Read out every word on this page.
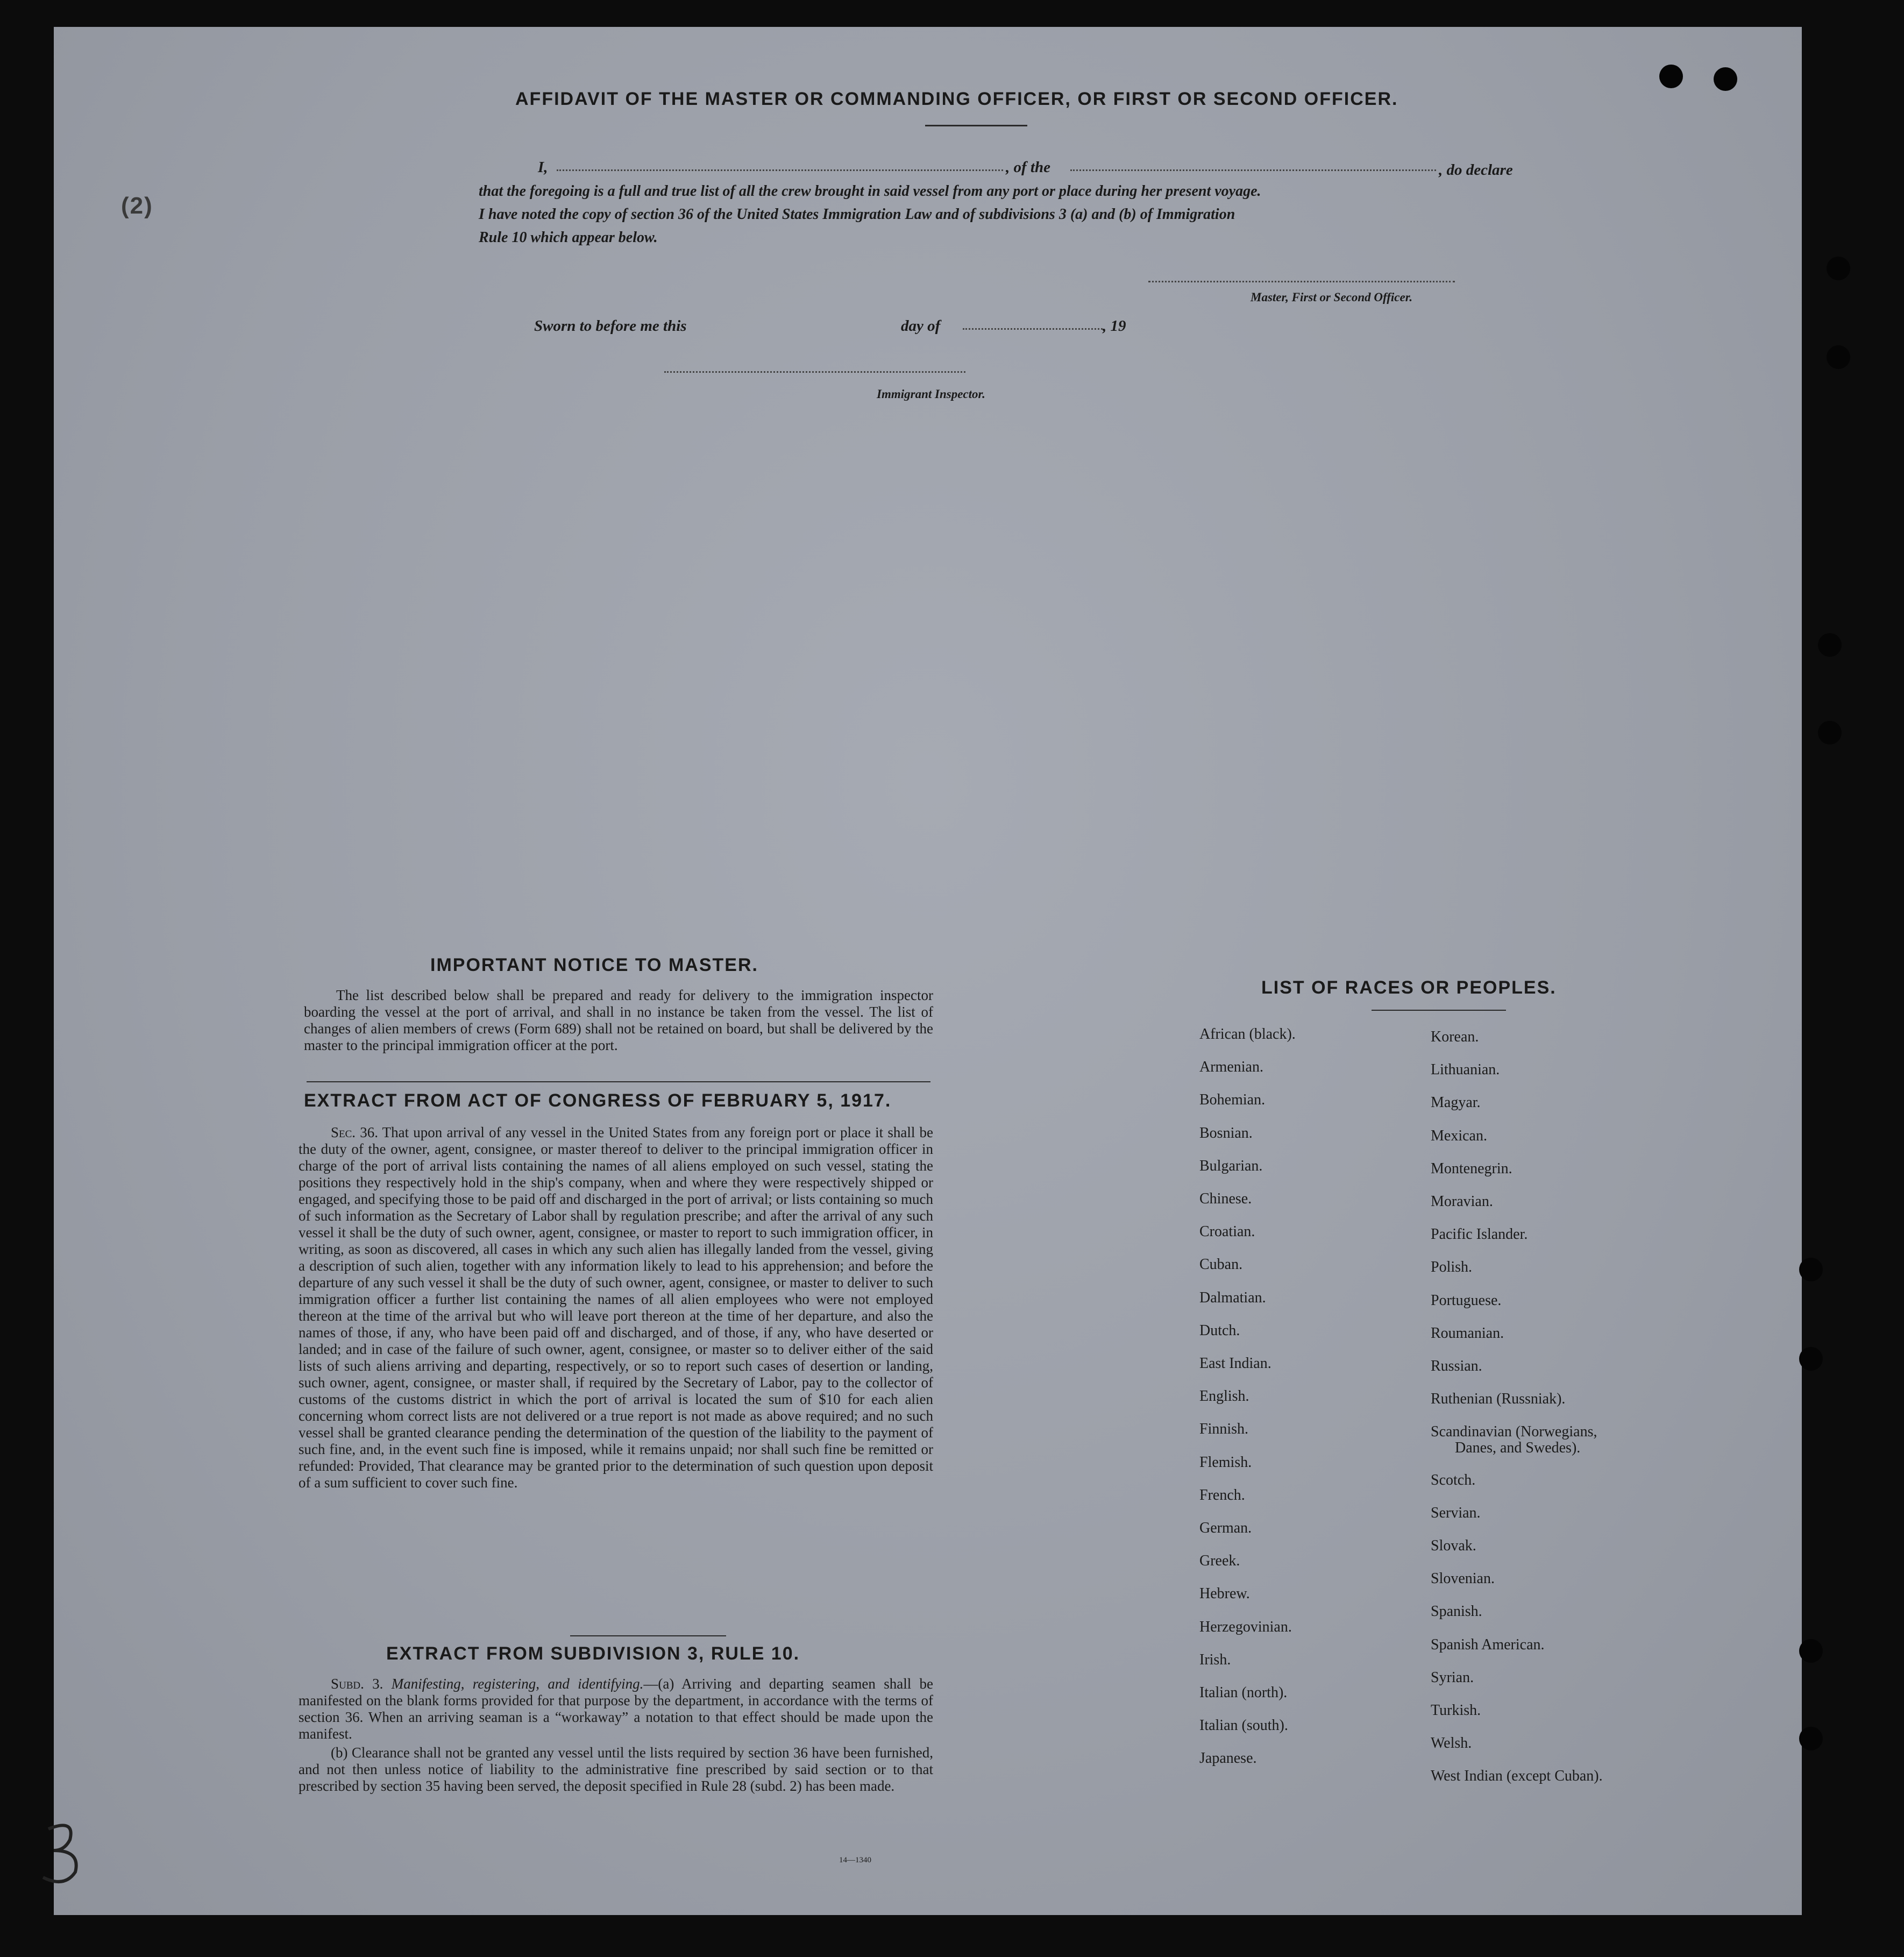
AFFIDAVIT OF THE MASTER OR COMMANDING OFFICER, OR FIRST OR SECOND OFFICER.
I,	, of the	, do declare
that the foregoing is a full and true list of all the crew brought in said vessel from any port or place during her present voyage.
I have noted the copy of section 36 of the United States Immigration Law and of subdivisions 3 (a) and (b) of Immigration
Rule 10 which appear below.
Master, First or Second Officer.
Sworn to before me this	day of	, 19
Immigrant Inspector.
(2)
IMPORTANT NOTICE TO MASTER.

The list described below shall be prepared and ready for delivery to the immigration inspector boarding the vessel at the port of arrival, and shall in no instance be taken from the vessel. The list of changes of alien members of crews (Form 689) shall not be retained on board, but shall be delivered by the master to the principal immigration officer at the port.

EXTRACT FROM ACT OF CONGRESS OF FEBRUARY 5, 1917.

Sec. 36. That upon arrival of any vessel in the United States from any foreign port or place it shall be the duty of the owner, agent, consignee, or master thereof to deliver to the principal immigration officer in charge of the port of arrival lists containing the names of all aliens employed on such vessel, stating the positions they respectively hold in the ship's company, when and where they were respectively shipped or engaged, and specifying those to be paid off and discharged in the port of arrival; or lists containing so much of such information as the Secretary of Labor shall by regulation prescribe; and after the arrival of any such vessel it shall be the duty of such owner, agent, consignee, or master to report to such immigration officer, in writing, as soon as discovered, all cases in which any such alien has illegally landed from the vessel, giving a description of such alien, together with any information likely to lead to his apprehension; and before the departure of any such vessel it shall be the duty of such owner, agent, consignee, or master to deliver to such immigration officer a further list containing the names of all alien employees who were not employed thereon at the time of the arrival but who will leave port thereon at the time of her departure, and also the names of those, if any, who have been paid off and discharged, and of those, if any, who have deserted or landed; and in case of the failure of such owner, agent, consignee, or master so to deliver either of the said lists of such aliens arriving and departing, respectively, or so to report such cases of desertion or landing, such owner, agent, consignee, or master shall, if required by the Secretary of Labor, pay to the collector of customs of the customs district in which the port of arrival is located the sum of $10 for each alien concerning whom correct lists are not delivered or a true report is not made as above required; and no such vessel shall be granted clearance pending the determination of the question of the liability to the payment of such fine, and, in the event such fine is imposed, while it remains unpaid; nor shall such fine be remitted or refunded: Provided, That clearance may be granted prior to the determination of such question upon deposit of a sum sufficient to cover such fine.

EXTRACT FROM SUBDIVISION 3, RULE 10.

Subd. 3. Manifesting, registering, and identifying.—(a) Arriving and departing seamen shall be manifested on the blank forms provided for that purpose by the department, in accordance with the terms of section 36. When an arriving seaman is a “workaway” a notation to that effect should be made upon the manifest.

(b) Clearance shall not be granted any vessel until the lists required by section 36 have been furnished, and not then unless notice of liability to the administrative fine prescribed by said section or to that prescribed by section 35 having been served, the deposit specified in Rule 28 (subd. 2) has been made.

14—1340
LIST OF RACES OR PEOPLES.
African (black).
Armenian.
Bohemian.
Bosnian.
Bulgarian.
Chinese.
Croatian.
Cuban.
Dalmatian.
Dutch.
East Indian.
English.
Finnish.
Flemish.
French.
German.
Greek.
Hebrew.
Herzegovinian.
Irish.
Italian (north).
Italian (south).
Japanese.
Korean.
Lithuanian.
Magyar.
Mexican.
Montenegrin.
Moravian.
Pacific Islander.
Polish.
Portuguese.
Roumanian.
Russian.
Ruthenian (Russniak).
Scandinavian (Norwegians,
Danes, and Swedes).
Scotch.
Servian.
Slovak.
Slovenian.
Spanish.
Spanish American.
Syrian.
Turkish.
Welsh.
West Indian (except Cuban).
